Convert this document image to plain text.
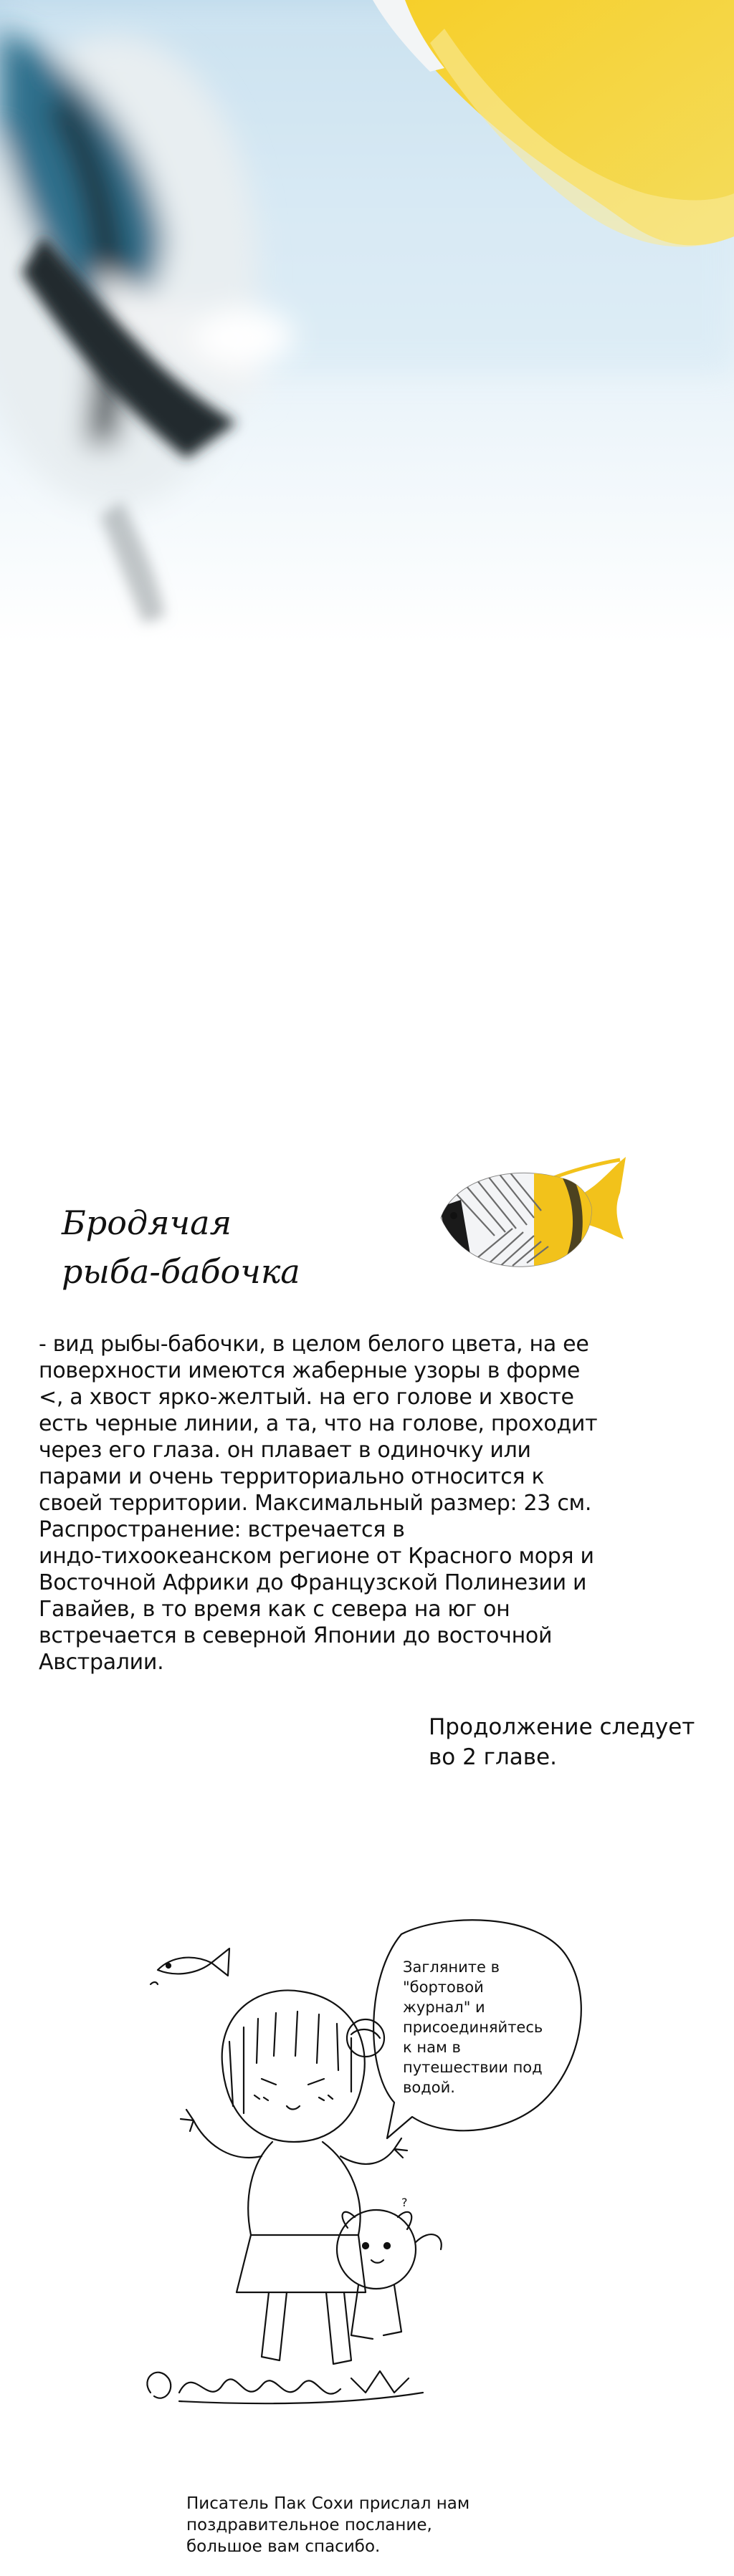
Бродячая
рыба-бабочка

- вид рыбы-бабочки, в целом белого цвета, на ее
поверхности имеются жаберные узоры в форме
<, а хвост ярко-желтый. на его голове и хвосте
есть черные линии, а та, что на голове, проходит
через его глаза. он плавает в одиночку или
парами и очень территориально относится к
своей территории. Максимальный размер: 23 см.
Распространение: встречается в
индо-тихоокеанском регионе от Красного моря и
Восточной Африки до Французской Полинезии и
Гавайев, в то время как с севера на юг он
встречается в северной Японии до восточной
Австралии.

Продолжение следует
во 2 главе.

?
Загляните в
"бортовой
журнал" и
присоединяйтесь
к нам в
путешествии под
водой.

Писатель Пак Сохи прислал нам
поздравительное послание,
большое вам спасибо.
